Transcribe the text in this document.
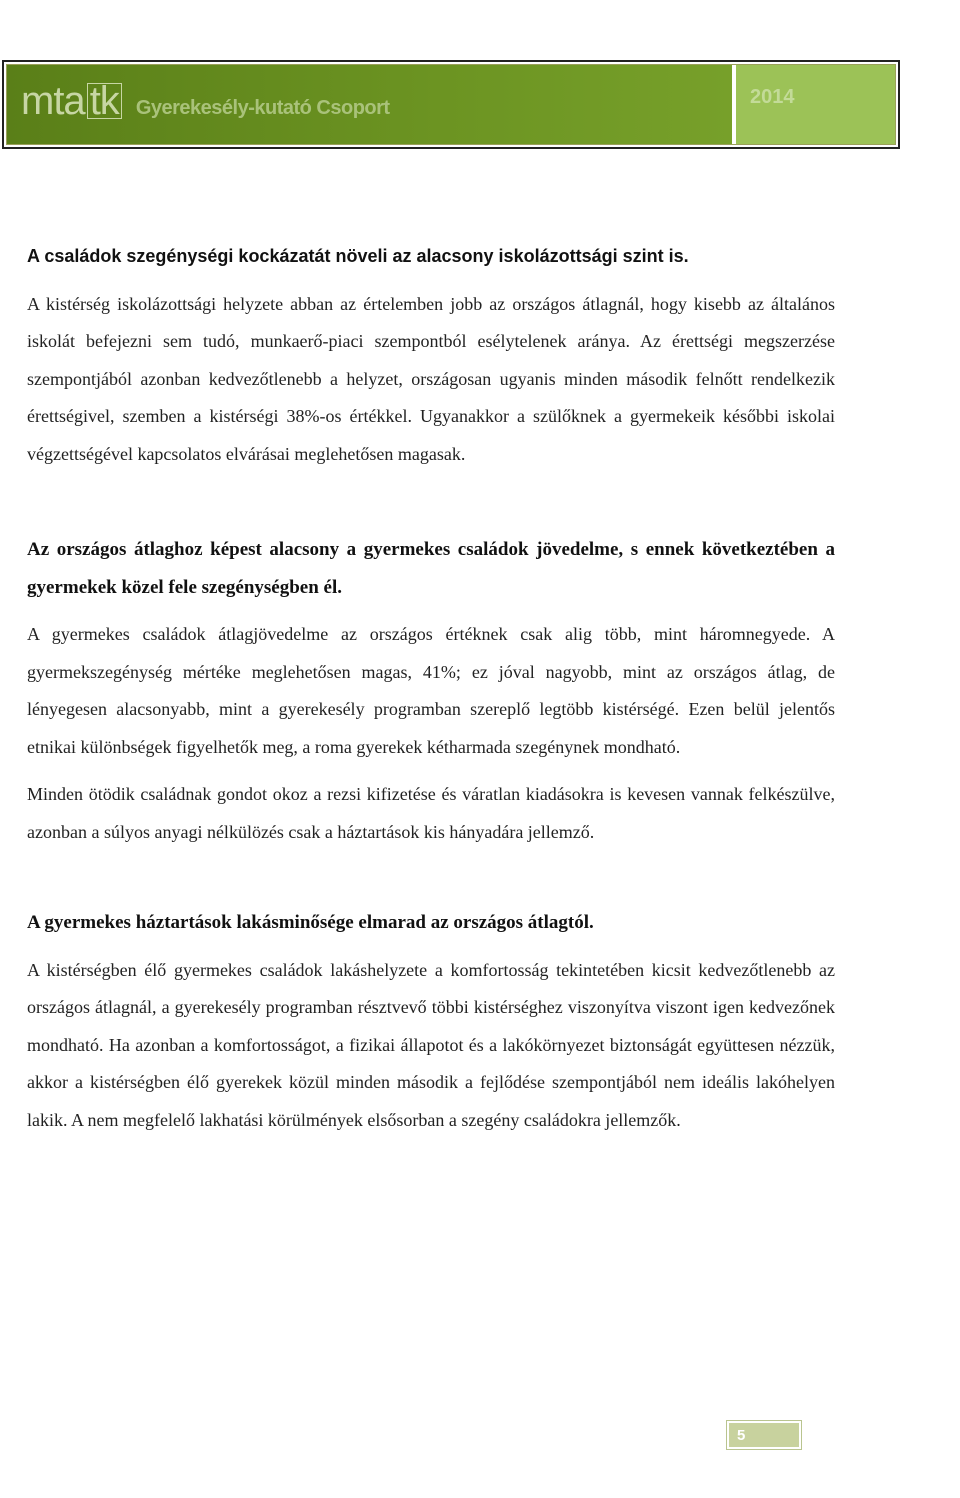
mta tk Gyerekesély-kutató Csoport	2014
A családok szegénységi kockázatát növeli az alacsony iskolázottsági szint is.

A kistérség iskolázottsági helyzete abban az értelemben jobb az országos átlagnál, hogy kisebb az általános iskolát befejezni sem tudó, munkaerő-piaci szempontból esélytelenek aránya. Az érettségi megszerzése szempontjából azonban kedvezőtlenebb a helyzet, országosan ugyanis minden második felnőtt rendelkezik érettségivel, szemben a kistérségi 38%-os értékkel. Ugyanakkor a szülőknek a gyermekeik későbbi iskolai végzettségével kapcsolatos elvárásai meglehetősen magasak.

Az országos átlaghoz képest alacsony a gyermekes családok jövedelme, s ennek következtében a gyermekek közel fele szegénységben él.

A gyermekes családok átlagjövedelme az országos értéknek csak alig több, mint háromnegyede. A gyermekszegénység mértéke meglehetősen magas, 41%; ez jóval nagyobb, mint az országos átlag, de lényegesen alacsonyabb, mint a gyerekesély programban szereplő legtöbb kistérségé. Ezen belül jelentős etnikai különbségek figyelhetők meg, a roma gyerekek kétharmada szegénynek mondható.

Minden ötödik családnak gondot okoz a rezsi kifizetése és váratlan kiadásokra is kevesen vannak felkészülve, azonban a súlyos anyagi nélkülözés csak a háztartások kis hányadára jellemző.

A gyermekes háztartások lakásminősége elmarad az országos átlagtól.

A kistérségben élő gyermekes családok lakáshelyzete a komfortosság tekintetében kicsit kedvezőtlenebb az országos átlagnál, a gyerekesély programban résztvevő többi kistérséghez viszonyítva viszont igen kedvezőnek mondható. Ha azonban a komfortosságot, a fizikai állapotot és a lakókörnyezet biztonságát együttesen nézzük, akkor a kistérségben élő gyerekek közül minden második a fejlődése szempontjából nem ideális lakóhelyen lakik. A nem megfelelő lakhatási körülmények elsősorban a szegény családokra jellemzők.

5
